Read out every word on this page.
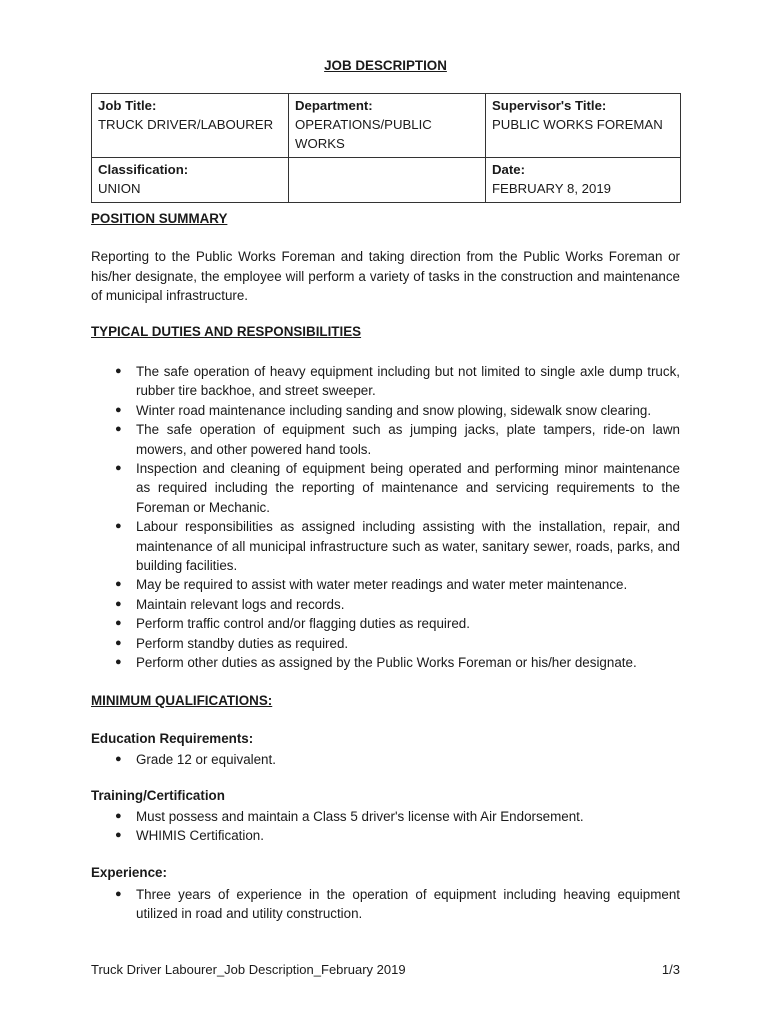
JOB DESCRIPTION
Job Title:
TRUCK DRIVER/LABOURER	Department:
OPERATIONS/PUBLIC WORKS	Supervisor's Title:
PUBLIC WORKS FOREMAN

Classification:
UNION		Date:
FEBRUARY 8, 2019
POSITION SUMMARY

Reporting to the Public Works Foreman and taking direction from the Public Works Foreman or his/her designate, the employee will perform a variety of tasks in the construction and maintenance of municipal infrastructure.

TYPICAL DUTIES AND RESPONSIBILITIES
● The safe operation of heavy equipment including but not limited to single axle dump truck, rubber tire backhoe, and street sweeper.
● Winter road maintenance including sanding and snow plowing, sidewalk snow clearing.
● The safe operation of equipment such as jumping jacks, plate tampers, ride-on lawn mowers, and other powered hand tools.
● Inspection and cleaning of equipment being operated and performing minor maintenance as required including the reporting of maintenance and servicing requirements to the Foreman or Mechanic.
● Labour responsibilities as assigned including assisting with the installation, repair, and maintenance of all municipal infrastructure such as water, sanitary sewer, roads, parks, and building facilities.
● May be required to assist with water meter readings and water meter maintenance.
● Maintain relevant logs and records.
● Perform traffic control and/or flagging duties as required.
● Perform standby duties as required.
● Perform other duties as assigned by the Public Works Foreman or his/her designate.
MINIMUM QUALIFICATIONS:
Education Requirements:
● Grade 12 or equivalent.
Training/Certification
● Must possess and maintain a Class 5 driver's license with Air Endorsement.
● WHIMIS Certification.
Experience:
● Three years of experience in the operation of equipment including heaving equipment utilized in road and utility construction.
Truck Driver Labourer_Job Description_February 2019	1/3
